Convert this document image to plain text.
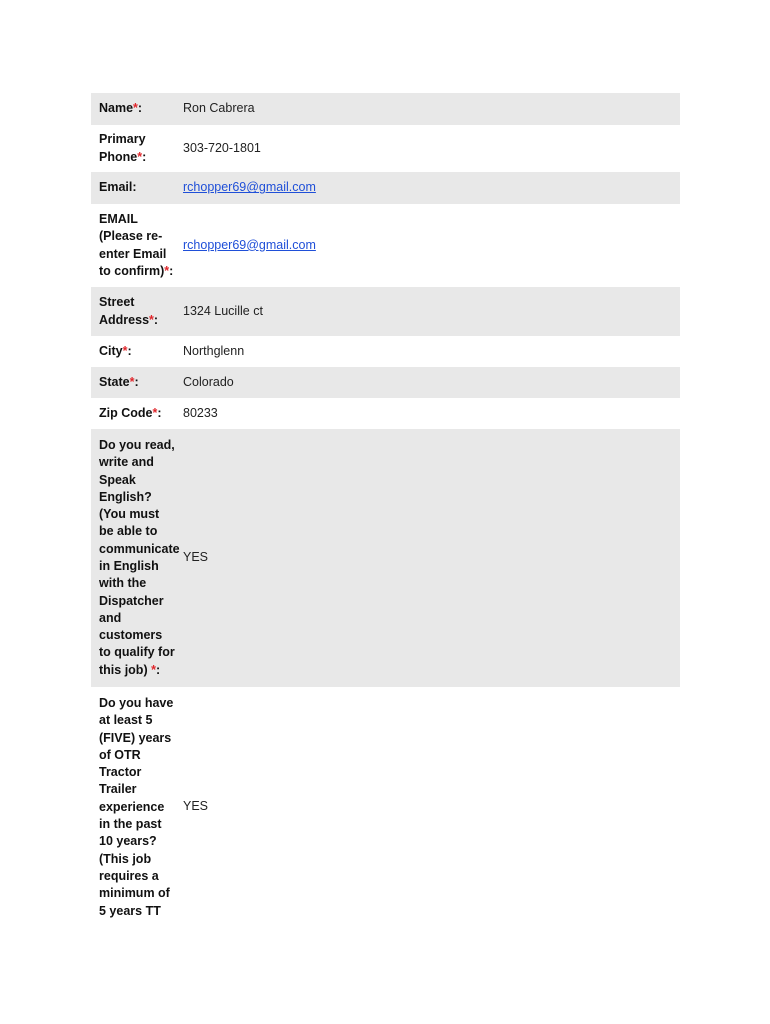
Name*:	Ron Cabrera
Primary Phone*:
303-720-1801
Email:	rchopper69@gmail.com
EMAIL (Please re-enter Email to confirm)*:
rchopper69@gmail.com
Street Address*:
1324 Lucille ct
City*:	Northglenn
State*:	Colorado
Zip Code*:	80233
Do you read, write and Speak English? (You must be able to communicate in English with the Dispatcher and customers to qualify for this job) *:
YES
Do you have at least 5 (FIVE) years of OTR Tractor Trailer experience in the past 10 years? (This job requires a minimum of 5 years TT
YES
